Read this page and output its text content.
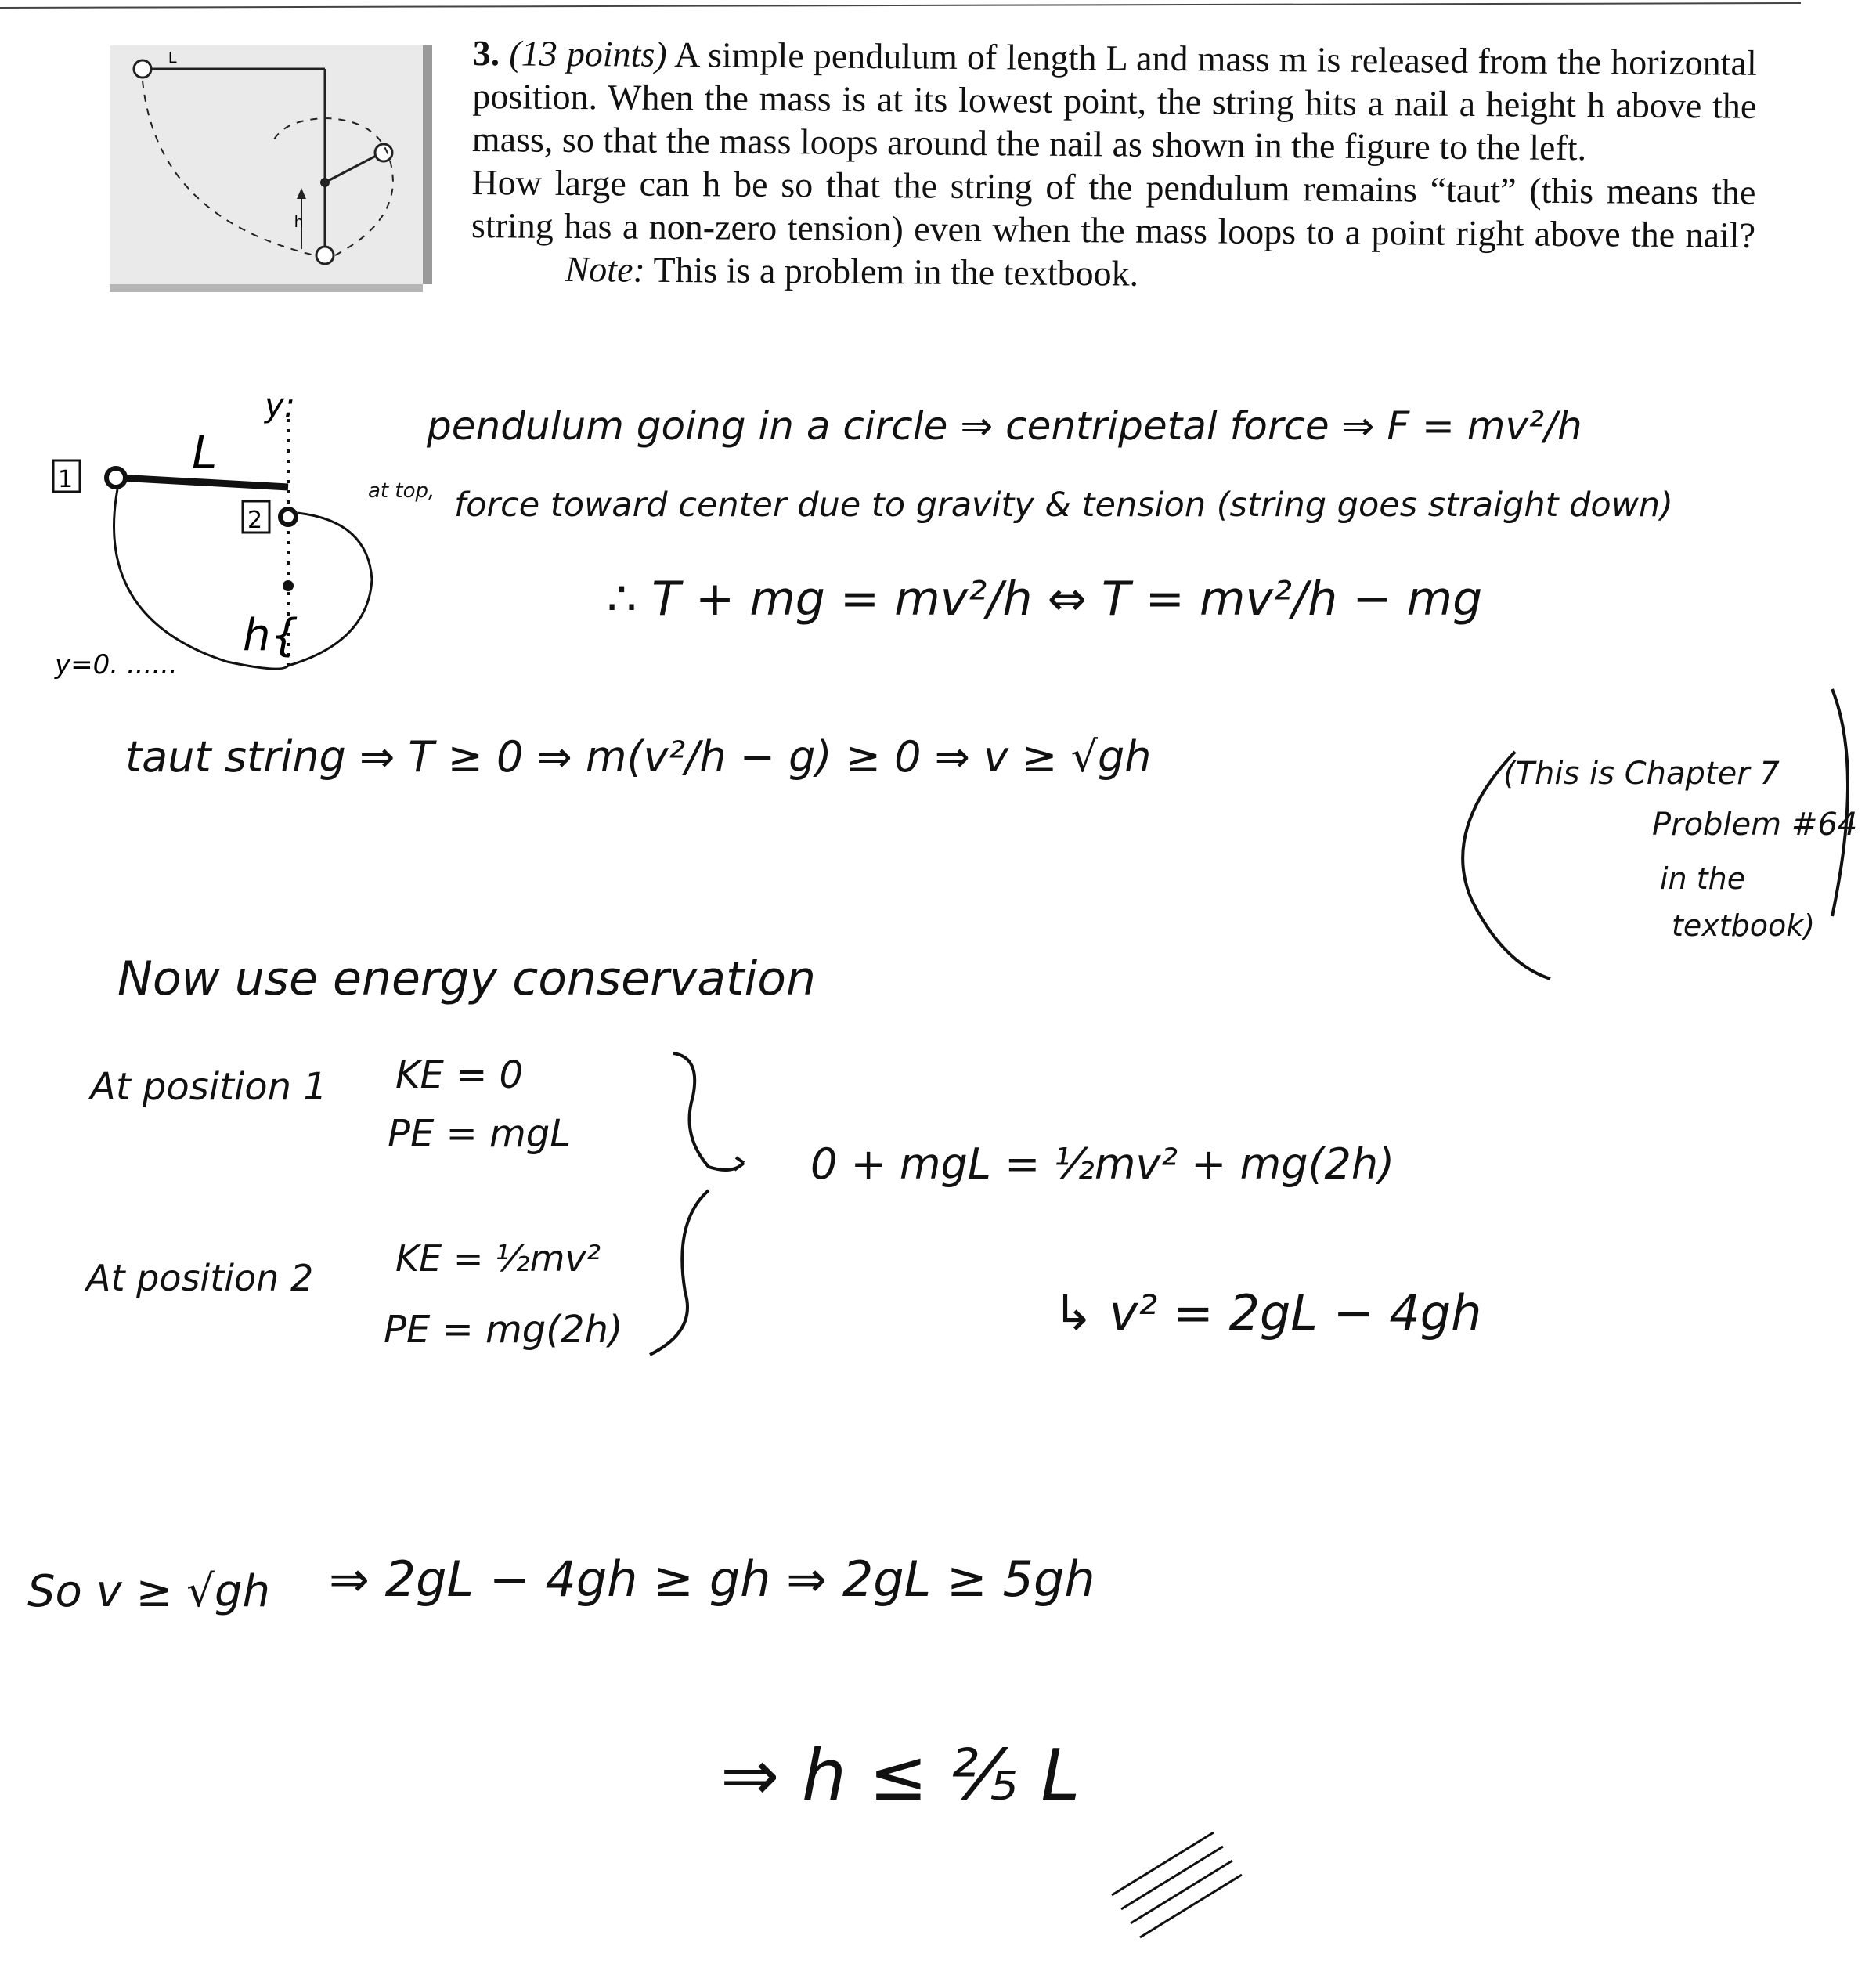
L
h

3. (13 points) A simple pendulum of length L and mass m is released from the horizontal position. When the mass is at its lowest point, the string hits a nail a height h above the mass, so that the mass loops around the nail as shown in the figure to the left.

How large can h be so that the string of the pendulum remains “taut” (this means the string has a non-zero tension) even when the mass loops to a point right above the nail? Note: This is a problem in the textbook.

y:
1
2
L
h{
y=0. ......
pendulum going in a circle ⇒ centripetal force ⇒ F = mv²/h
at top, force toward center due to gravity & tension (string goes straight down)
∴ T + mg = mv²/h ⇔ T = mv²/h − mg
taut string ⇒ T ≥ 0 ⇒ m(v²/h − g) ≥ 0 ⇒ v ≥ √gh	(This is Chapter 7
Problem #64
in the
textbook)
Now use energy conservation
At position 1 KE = 0
PE = mgL
At position 2 KE = ½mv²
PE = mg(2h)
0 + mgL = ½mv² + mg(2h)
↳ v² = 2gL − 4gh
So v ≥ √gh ⇒ 2gL − 4gh ≥ gh ⇒ 2gL ≥ 5gh
⇒ h ≤ ⅖ L
